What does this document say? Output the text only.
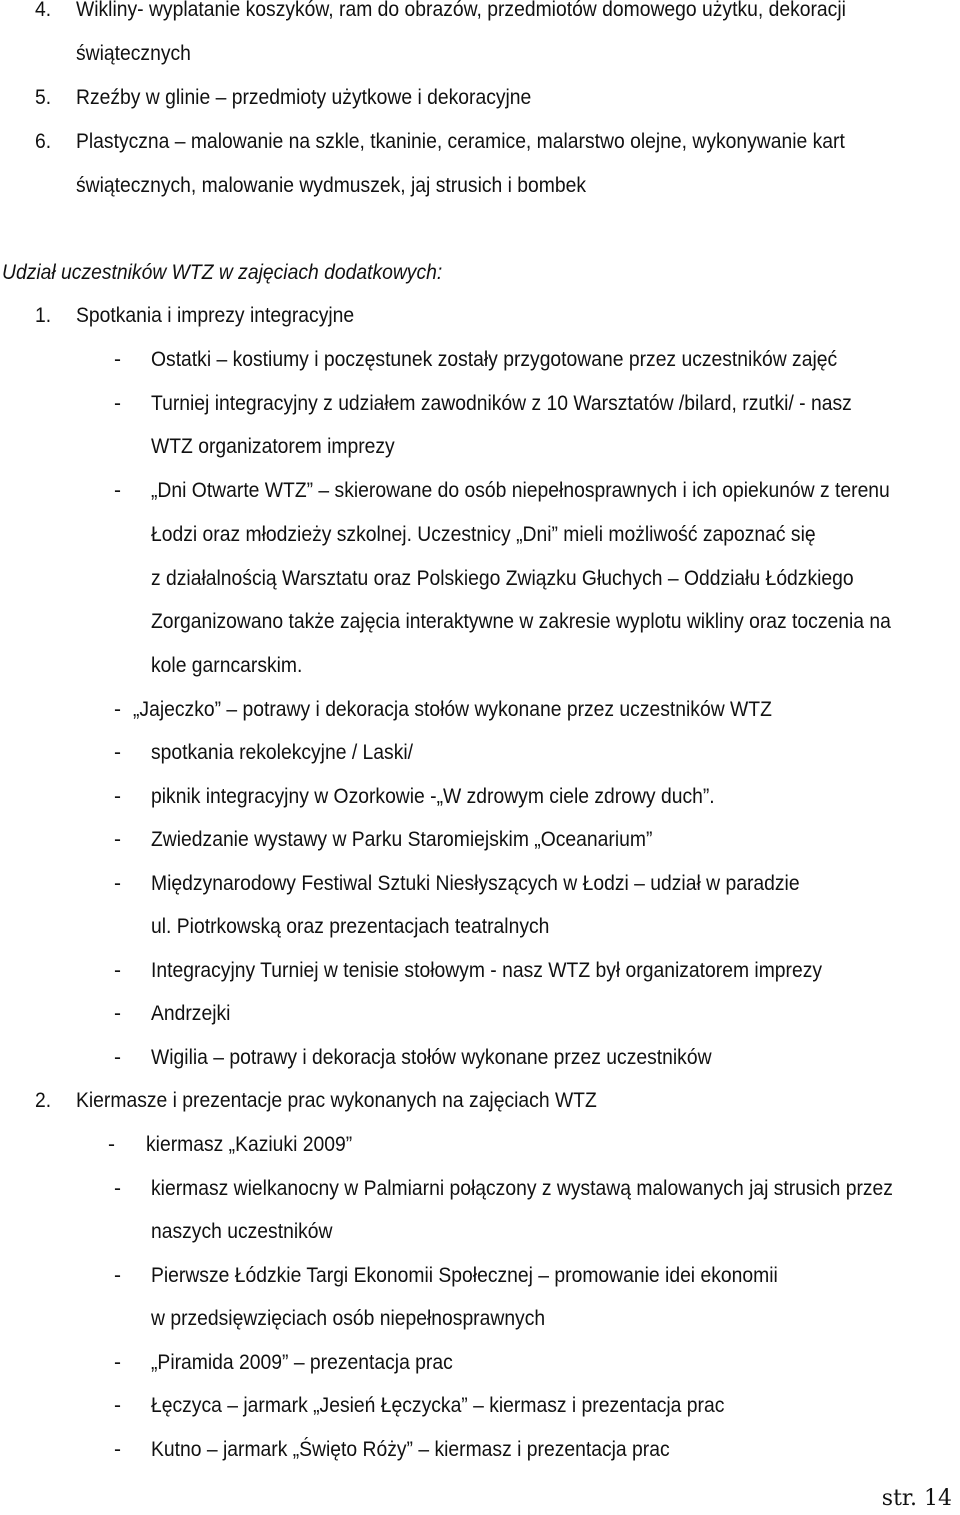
4. Wikliny- wyplatanie koszyków, ram do obrazów, przedmiotów domowego użytku, dekoracji
świątecznych
5. Rzeźby w glinie – przedmioty użytkowe i dekoracyjne
6. Plastyczna – malowanie na szkle, tkaninie, ceramice, malarstwo olejne, wykonywanie kart
świątecznych, malowanie wydmuszek, jaj strusich i bombek
Udział uczestników WTZ w zajęciach dodatkowych:
1. Spotkania i imprezy integracyjne
- Ostatki – kostiumy i poczęstunek zostały przygotowane przez uczestników zajęć
- Turniej integracyjny z udziałem zawodników z 10 Warsztatów /bilard, rzutki/ - nasz
WTZ organizatorem imprezy
- „Dni Otwarte WTZ” – skierowane do osób niepełnosprawnych i ich opiekunów z terenu
Łodzi oraz młodzieży szkolnej. Uczestnicy „Dni” mieli możliwość zapoznać się
z działalnością Warsztatu oraz Polskiego Związku Głuchych – Oddziału Łódzkiego
Zorganizowano także zajęcia interaktywne w zakresie wyplotu wikliny oraz toczenia na
kole garncarskim.
- „Jajeczko” – potrawy i dekoracja stołów wykonane przez uczestników WTZ
- spotkania rekolekcyjne / Laski/
- piknik integracyjny w Ozorkowie -„W zdrowym ciele zdrowy duch”.
- Zwiedzanie wystawy w Parku Staromiejskim „Oceanarium”
- Międzynarodowy Festiwal Sztuki Niesłyszących w Łodzi – udział w paradzie
ul. Piotrkowską oraz prezentacjach teatralnych
- Integracyjny Turniej w tenisie stołowym - nasz WTZ był organizatorem imprezy
- Andrzejki
- Wigilia – potrawy i dekoracja stołów wykonane przez uczestników
2. Kiermasze i prezentacje prac wykonanych na zajęciach WTZ
- kiermasz „Kaziuki 2009”
- kiermasz wielkanocny w Palmiarni połączony z wystawą malowanych jaj strusich przez
naszych uczestników
- Pierwsze Łódzkie Targi Ekonomii Społecznej – promowanie idei ekonomii
w przedsięwzięciach osób niepełnosprawnych
- „Piramida 2009” – prezentacja prac
- Łęczyca – jarmark „Jesień Łęczycka” – kiermasz i prezentacja prac
- Kutno – jarmark „Święto Róży” – kiermasz i prezentacja prac
str. 14
